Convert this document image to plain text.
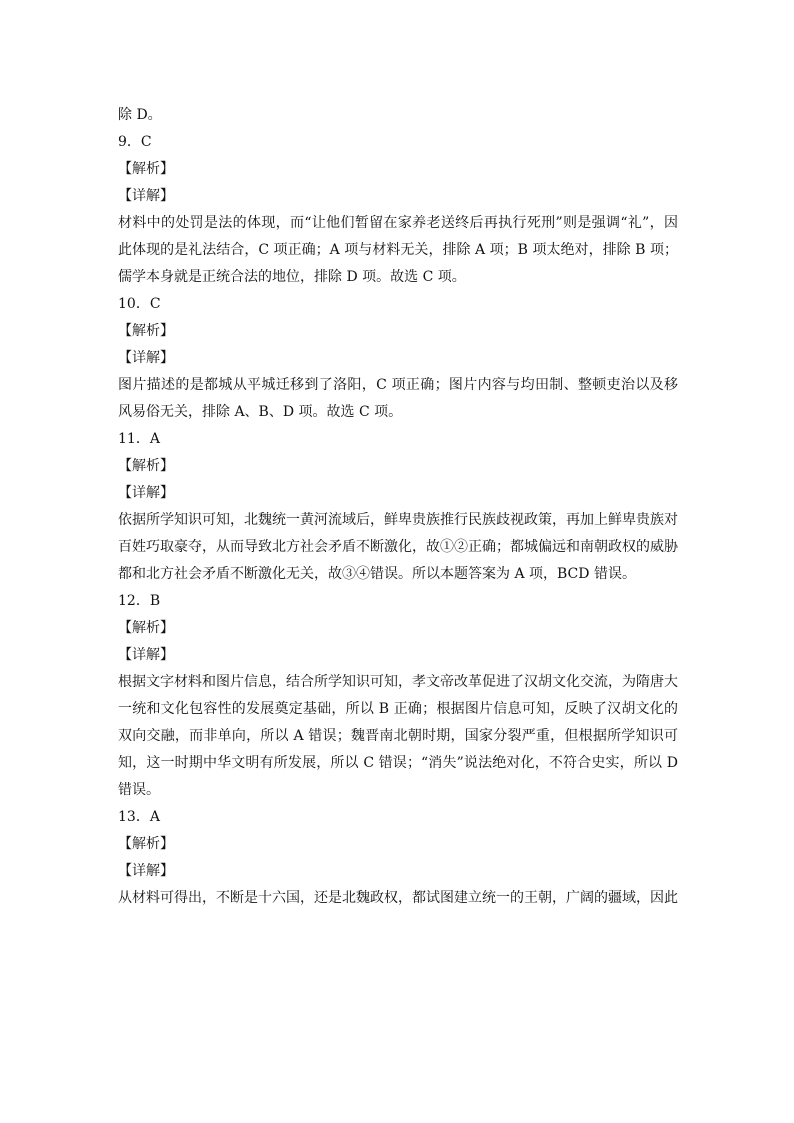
除 D。
9．C
【解析】
【详解】
材料中的处罚是法的体现，而“让他们暂留在家养老送终后再执行死刑”则是强调“礼”，因此体现的是礼法结合，C 项正确；A 项与材料无关，排除 A 项；B 项太绝对，排除 B 项；儒学本身就是正统合法的地位，排除 D 项。故选 C 项。
10．C
【解析】
【详解】
图片描述的是都城从平城迁移到了洛阳，C 项正确；图片内容与均田制、整顿吏治以及移风易俗无关，排除 A、B、D 项。故选 C 项。
11．A
【解析】
【详解】
依据所学知识可知，北魏统一黄河流域后，鲜卑贵族推行民族歧视政策，再加上鲜卑贵族对百姓巧取豪夺，从而导致北方社会矛盾不断激化，故①②正确；都城偏远和南朝政权的威胁都和北方社会矛盾不断激化无关，故③④错误。所以本题答案为 A 项，BCD 错误。
12．B
【解析】
【详解】
根据文字材料和图片信息，结合所学知识可知，孝文帝改革促进了汉胡文化交流，为隋唐大一统和文化包容性的发展奠定基础，所以 B 正确；根据图片信息可知，反映了汉胡文化的双向交融，而非单向，所以 A 错误；魏晋南北朝时期，国家分裂严重，但根据所学知识可知，这一时期中华文明有所发展，所以 C 错误；“消失”说法绝对化，不符合史实，所以 D 错误。
13．A
【解析】
【详解】
从材料可得出，不断是十六国，还是北魏政权，都试图建立统一的王朝，广阔的疆域，因此
